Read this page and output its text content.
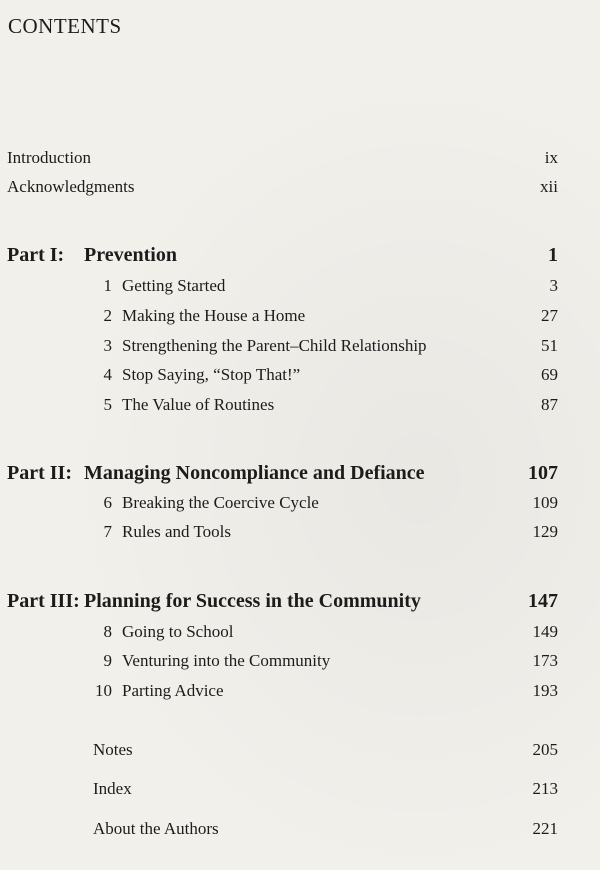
CONTENTS
Introduction	ix
Acknowledgments	xii
Part I: Prevention	1
1 Getting Started	3
2 Making the House a Home	27
3 Strengthening the Parent–Child Relationship	51
4 Stop Saying, “Stop That!”	69
5 The Value of Routines	87
Part II: Managing Noncompliance and Defiance	107
6 Breaking the Coercive Cycle	109
7 Rules and Tools	129
Part III: Planning for Success in the Community	147
8 Going to School	149
9 Venturing into the Community	173
10 Parting Advice	193
Notes	205
Index	213
About the Authors	221
